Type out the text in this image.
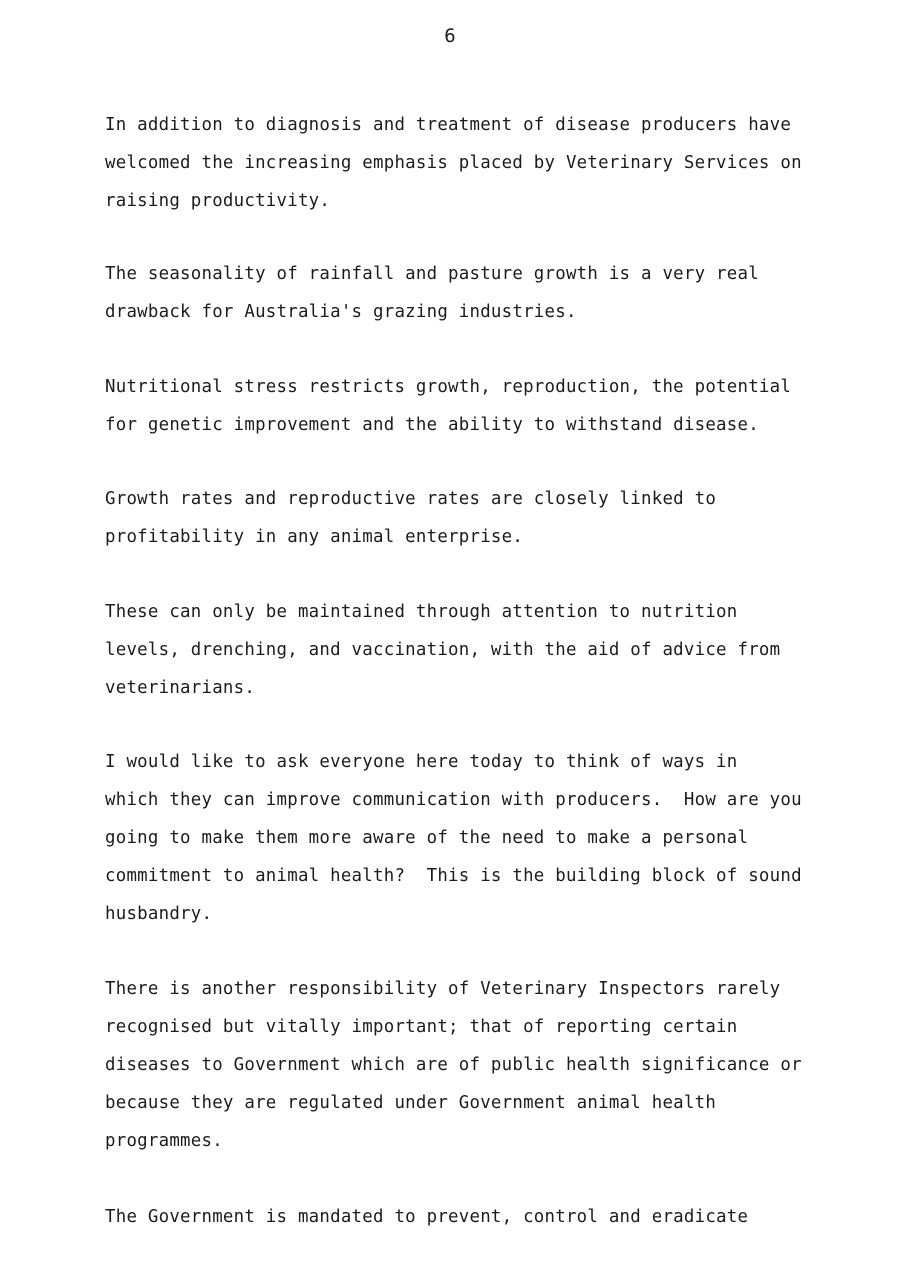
6
In addition to diagnosis and treatment of disease producers have
welcomed the increasing emphasis placed by Veterinary Services on
raising productivity.
The seasonality of rainfall and pasture growth is a very real
drawback for Australia's grazing industries.
Nutritional stress restricts growth, reproduction, the potential
for genetic improvement and the ability to withstand disease.
Growth rates and reproductive rates are closely linked to
profitability in any animal enterprise.
These can only be maintained through attention to nutrition
levels, drenching, and vaccination, with the aid of advice from
veterinarians.
I would like to ask everyone here today to think of ways in
which they can improve communication with producers.  How are you
going to make them more aware of the need to make a personal
commitment to animal health?  This is the building block of sound
husbandry.
There is another responsibility of Veterinary Inspectors rarely
recognised but vitally important; that of reporting certain
diseases to Government which are of public health significance or
because they are regulated under Government animal health
programmes.
The Government is mandated to prevent, control and eradicate
